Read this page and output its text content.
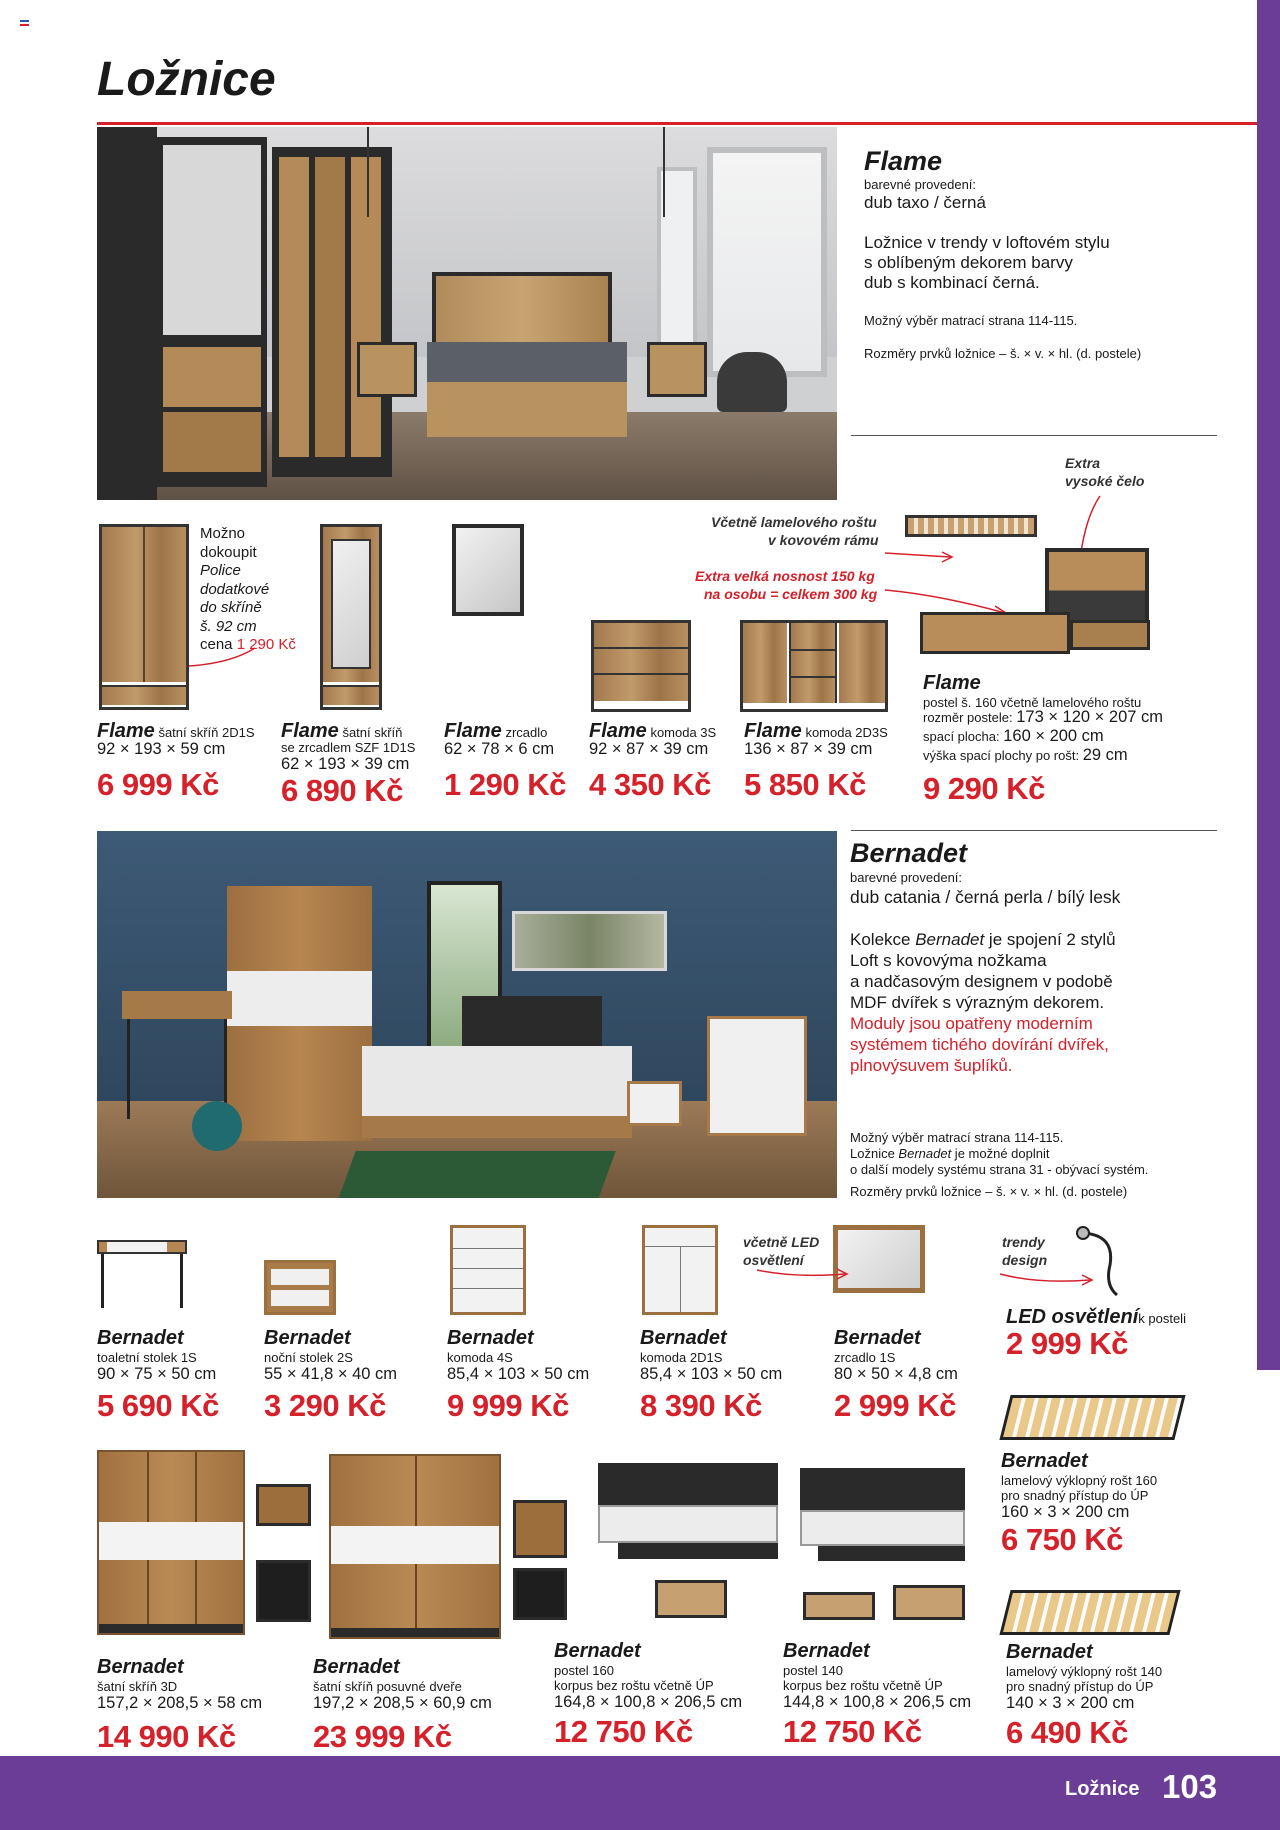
Ložnice
Flame
barevné provedení:
dub taxo / černá
Ložnice v trendy v loftovém stylu
s oblíbeným dekorem barvy
dub s kombinací černá.
Možný výběr matrací strana 114-115.
Rozměry prvků ložnice – š. × v. × hl. (d. postele)
Extra
vysoké čelo
Včetně lamelového roštu
v kovovém rámu
Extra velká nosnost 150 kg
na osobu = celkem 300 kg
Možno
dokoupit
Police
dodatkové
do skříně
š. 92 cm
cena 1 290 Kč
Flame šatní skříň 2D1S
92 × 193 × 59 cm
6 999 Kč
Flame šatní skříň
se zrcadlem SZF 1D1S
62 × 193 × 39 cm
6 890 Kč
Flame zrcadlo
62 × 78 × 6 cm
1 290 Kč
Flame komoda 3S
92 × 87 × 39 cm
4 350 Kč
Flame komoda 2D3S
136 × 87 × 39 cm
5 850 Kč
Flame
postel š. 160 včetně lamelového roštu
rozměr postele: 173 × 120 × 207 cm
spací plocha: 160 × 200 cm
výška spací plochy po rošt: 29 cm
9 290 Kč
Bernadet
barevné provedení:
dub catania / černá perla / bílý lesk
Kolekce Bernadet je spojení 2 stylů
Loft s kovovýma nožkama
a nadčasovým designem v podobě
MDF dvířek s výrazným dekorem.
Moduly jsou opatřeny moderním
systémem tichého dovírání dvířek,
plnovýsuvem šuplíků.
Možný výběr matrací strana 114-115.
Ložnice Bernadet je možné doplnit
o další modely systému strana 31 - obývací systém.
Rozměry prvků ložnice – š. × v. × hl. (d. postele)
včetně LED
osvětlení
trendy
design
Bernadet
toaletní stolek 1S
90 × 75 × 50 cm
5 690 Kč
Bernadet
noční stolek 2S
55 × 41,8 × 40 cm
3 290 Kč
Bernadet
komoda 4S
85,4 × 103 × 50 cm
9 999 Kč
Bernadet
komoda 2D1S
85,4 × 103 × 50 cm
8 390 Kč
Bernadet
zrcadlo 1S
80 × 50 × 4,8 cm
2 999 Kč
LED osvětleník posteli
2 999 Kč
Bernadet
lamelový výklopný rošt 160
pro snadný přístup do ÚP
160 × 3 × 200 cm
6 750 Kč
Bernadet
lamelový výklopný rošt 140
pro snadný přístup do ÚP
140 × 3 × 200 cm
6 490 Kč
Bernadet
šatní skříň 3D
157,2 × 208,5 × 58 cm
14 990 Kč
Bernadet
šatní skříň posuvné dveře
197,2 × 208,5 × 60,9 cm
23 999 Kč
Bernadet
postel 160
korpus bez roštu včetně ÚP
164,8 × 100,8 × 206,5 cm
12 750 Kč
Bernadet
postel 140
korpus bez roštu včetně ÚP
144,8 × 100,8 × 206,5 cm
12 750 Kč
Ložnice 103
